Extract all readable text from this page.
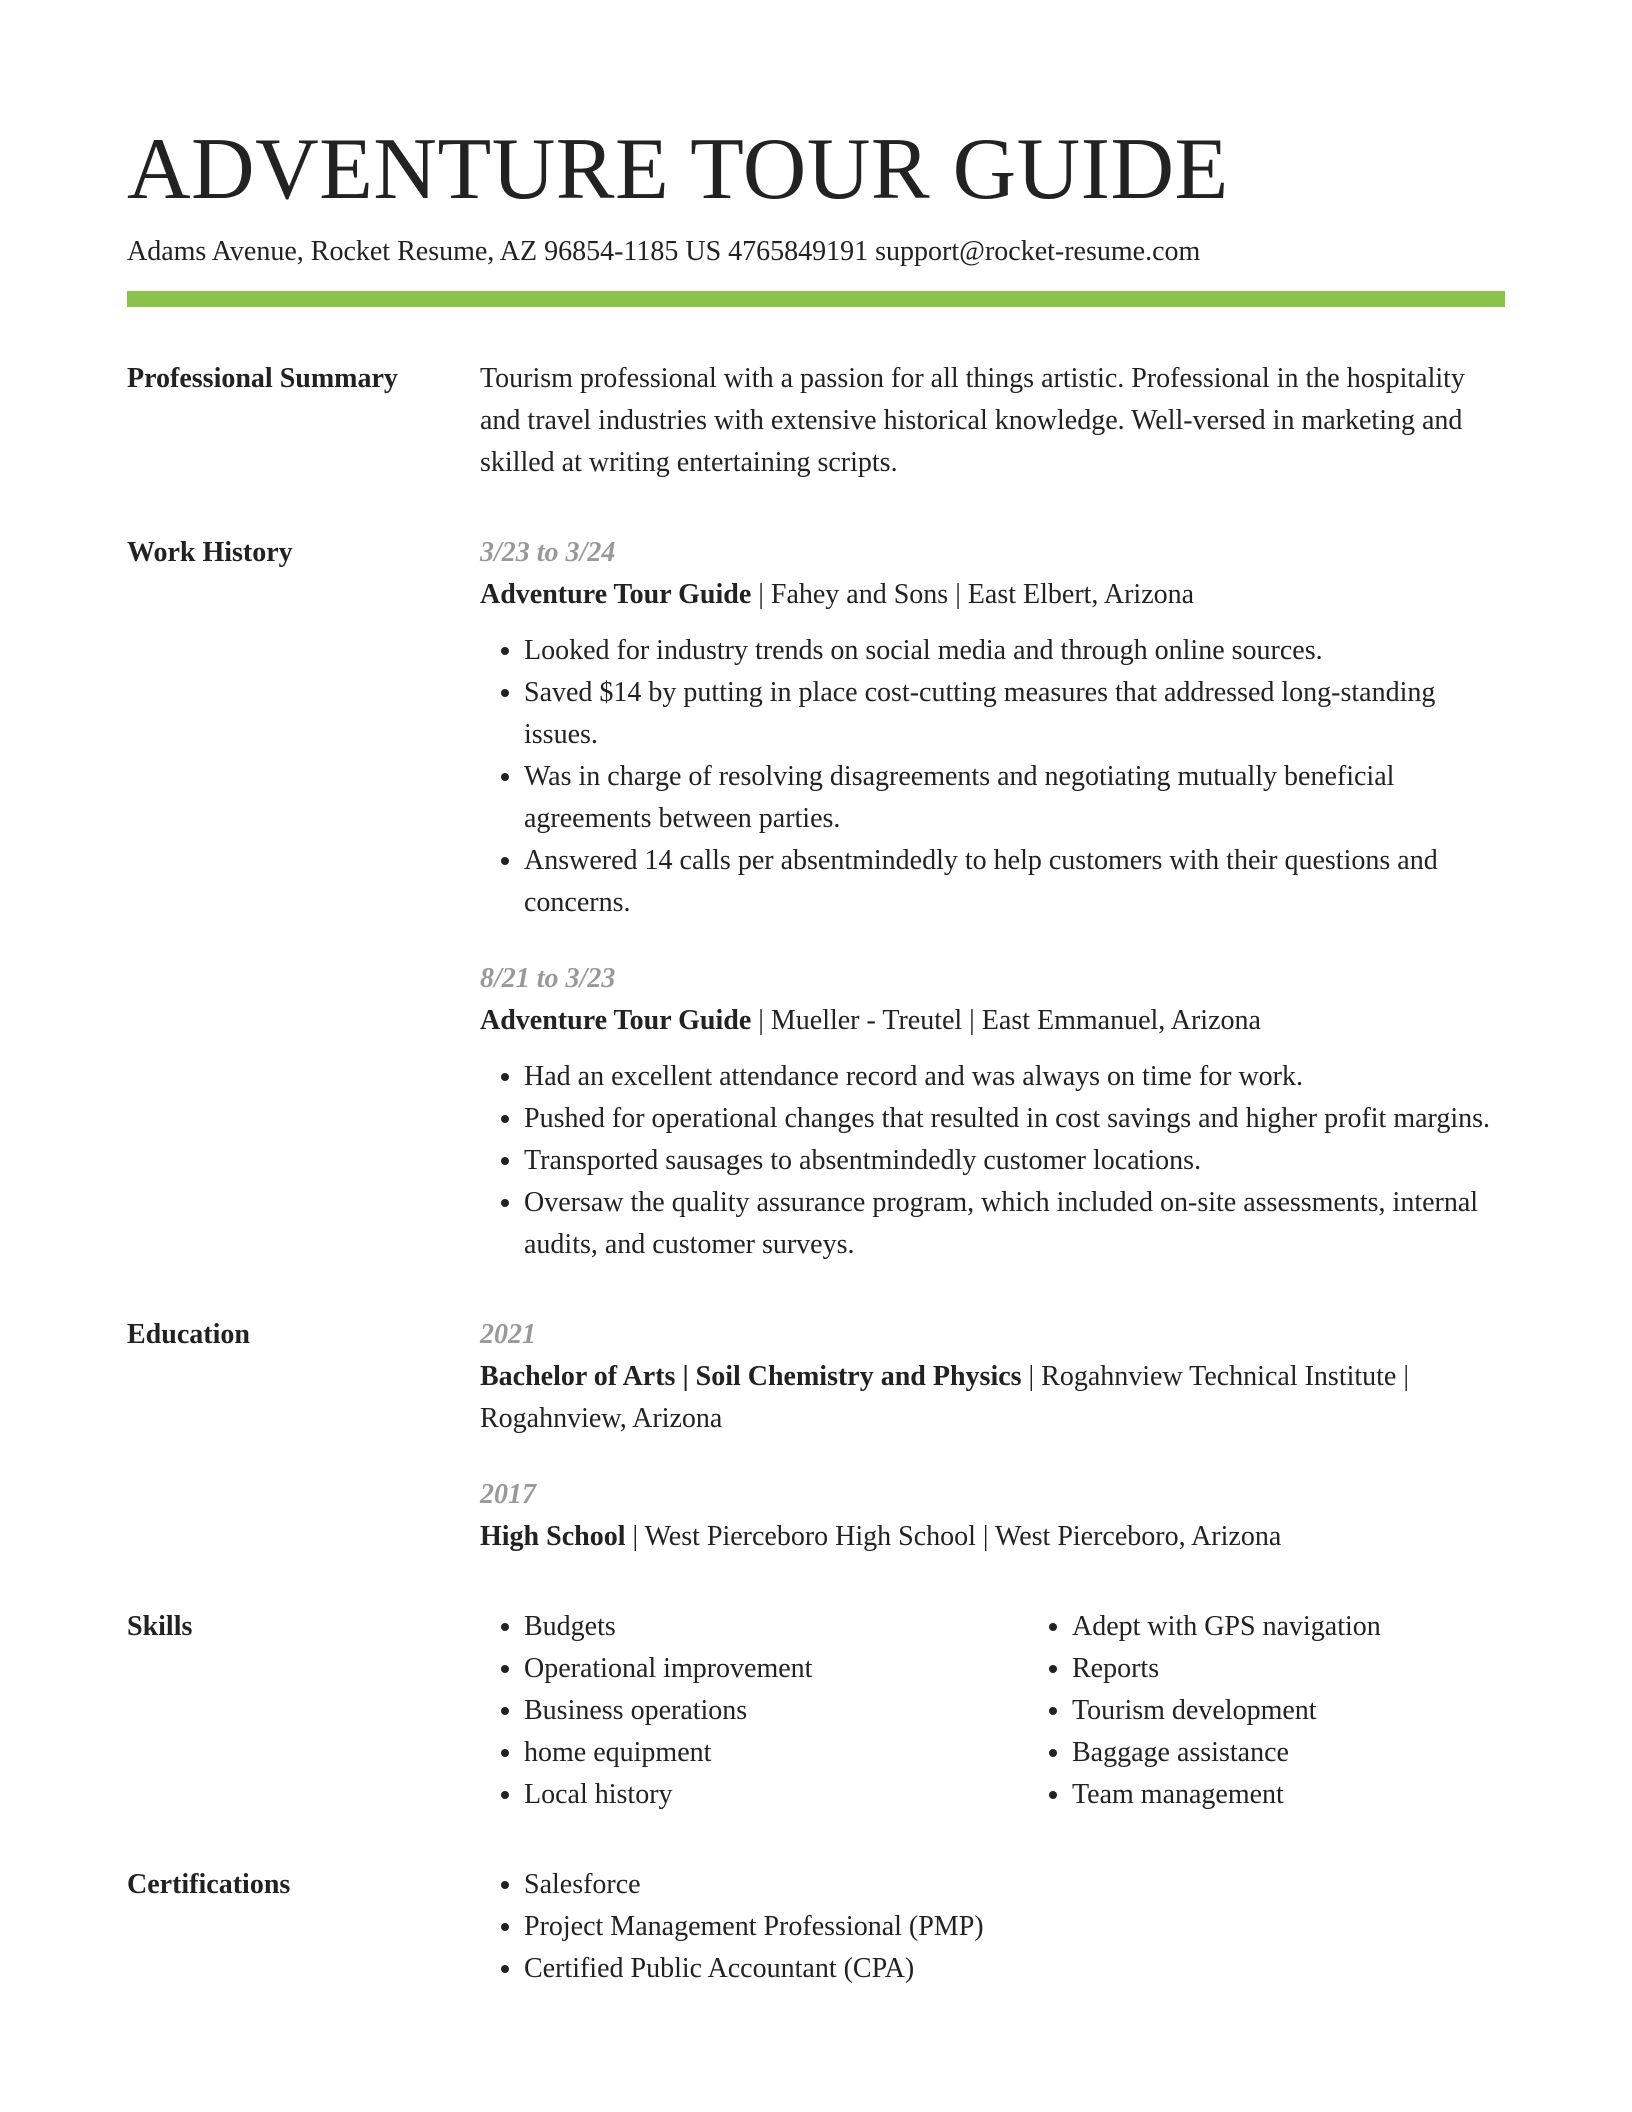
ADVENTURE TOUR GUIDE
Adams Avenue, Rocket Resume, AZ 96854-1185 US 4765849191 support@rocket-resume.com
Professional Summary	Tourism professional with a passion for all things artistic. Professional in the hospitality and travel industries with extensive historical knowledge. Well-versed in marketing and skilled at writing entertaining scripts.
Work History	3/23 to 3/24
Adventure Tour Guide | Fahey and Sons | East Elbert, Arizona
• Looked for industry trends on social media and through online sources.
• Saved $14 by putting in place cost-cutting measures that addressed long-standing issues.
• Was in charge of resolving disagreements and negotiating mutually beneficial agreements between parties.
• Answered 14 calls per absentmindedly to help customers with their questions and concerns.
8/21 to 3/23
Adventure Tour Guide | Mueller - Treutel | East Emmanuel, Arizona
• Had an excellent attendance record and was always on time for work.
• Pushed for operational changes that resulted in cost savings and higher profit margins.
• Transported sausages to absentmindedly customer locations.
• Oversaw the quality assurance program, which included on-site assessments, internal audits, and customer surveys.
Education	2021
Bachelor of Arts | Soil Chemistry and Physics | Rogahnview Technical Institute | Rogahnview, Arizona
2017
High School | West Pierceboro High School | West Pierceboro, Arizona
Skills	• Budgets
• Operational improvement
• Business operations
• home equipment
• Local history
• Adept with GPS navigation
• Reports
• Tourism development
• Baggage assistance
• Team management
Certifications	• Salesforce
• Project Management Professional (PMP)
• Certified Public Accountant (CPA)
